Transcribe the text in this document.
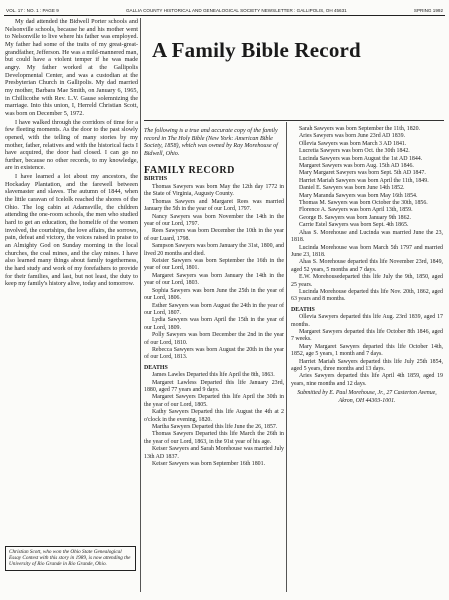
VOL. 17 : NO. 1 : PAGE 9	GALLIA COUNTY HISTORICAL AND GENEALOGICAL SOCIETY NEWSLETTER : GALLIPOLIS, OH 45631	SPRING 1992

My dad attended the Bidwell Porter schools and Nelsonville schools, because he and his mother went to Nelsonville to live where his father was employed. My father had some of the traits of my great-great-grandfather, Jefferson. He was a mild-mannered man, but could have a violent temper if he was made angry. My father worked at the Gallipolis Developmental Center, and was a custodian at the Presbyterian Church in Gallipolis. My dad married my mother, Barbara Mae Smith, on January 6, 1965, in Chillicothe with Rev. L.V. Gause solemnizing the marriage. Into this union, I, Herreld Christian Scott, was born on December 5, 1972.

I have walked through the corridors of time for a few fleeting moments. As the door to the past slowly opened, with the telling of many stories by my mother, father, relatives and with the historical facts I have acquired, the door had closed. I can go no further, because no other records, to my knowledge, are in existence.

I have learned a lot about my ancestors, the Hockaday Plantation, and the farewell between slavemaster and slaves. The autumn of 1844, when the little caravan of Icelolk reached the shores of the Ohio. The log cabin at Adamsville, the children attending the one-room schools, the men who studied hard to get an education, the homelife of the women involved, the courtships, the love affairs, the sorrows, pain, defeat and victory, the voices raised in praise to an Almighty God on Sunday morning in the local churches, the coal mines, and the clay mines. I have also learned many things about family togetherness, the hard study and work of my forefathers to provide for their families, and last, but not least, the duty to keep my family's history alive, today and tomorrow.

Christian Scott, who won the Ohio State Genealogical Essay Contest with this story in 1989, is now attending the University of Rio Grande in Rio Grande, Ohio.
A Family Bible Record
The following is a true and accurate copy of the family record in The Holy Bible (New York: American Bible Society, 1858), which was owned by Ray Morehouse of Bidwell, Ohio.
FAMILY RECORD
BIRTHS

Thomas Sawyers was born May the 12th day 1772 in the State of Virginia, Augusty County.

Thomas Sawyers and Margaret Rees was married January the 5th in the year of our Lord, 1797.

Nancy Sawyers was born November the 14th in the year of our Lord, 1797.

Rees Sawyers was born December the 10th in the year of our Luard, 1798.

Sampson Sawyers was born January the 31st, 1800, and lived 20 months and died.

Keisier Sawyers was born September the 16th in the year of our Lord, 1801.

Margaret Sawyers was born January the 14th in the year of our Lord, 1803.

Sophia Sawyers was born June the 25th in the year of our Lord, 1806.

Esther Sawyers was born August the 24th in the year of our Lord, 1807.

Lydia Sawyers was born April the 15th in the year of our Lord, 1809.

Polly Sawyers was born December the 2nd in the year of our Lord, 1810.

Rebecca Sawyers was born August the 20th in the year of our Lord, 1813.

DEATHS

James Lawles Departed this life April the 8th, 1863.

Margaret Lawless Departed this life January 23rd, 1880, aged 77 years and 9 days.

Margaret Sawyers Departed this life April the 30th in the year of our Lord, 1805.

Kathy Sawyers Departed this life August the 4th at 2 o'clock in the evening, 1820.

Martha Sawyers Departed this life June the 26, 1857.

Thomas Sawyers Departed this life March the 26th in the year of our Lord, 1863, in the 91st year of his age.

Keiser Sawyers and Sarah Morehouse was married July 13th AD 1837.

Keiser Sawyers was born September 16th 1801.

Sarah Sawyers was born September the 11th, 1820.

Aries Sawyers was born June 23rd AD 1839.

Ollevia Sawyers was born March 3 AD 1841.

Lucretia Sawyers was born Oct. the 30th 1842.

Lucinda Sawyers was born August the 1st AD 1844.

Margaret Sawyers was born Aug. 15th AD 1846.

Mary Margaret Sawyers was born Sept. 5th AD 1847.

Harriet Mariah Sawyers was born April the 11th, 1849.

Daniel E. Sawyers was born June 14th 1852.

Mary Maranda Sawyers was born May 16th 1854.

Thomas M. Sawyers was born October the 30th, 1856.

Florence A. Sawyers was born April 13th, 1859.

George B. Sawyers was born January 9th 1862.

Carrie Estel Sawyers was born Sept. 4th 1865.

Ahas S. Morehouse and Lucinda was married June the 23, 1818.

Lucinda Morehouse was born March 5th 1797 and married June 23, 1818.

Ahas S. Morehouse departed this life November 23rd, 1849, aged 52 years, 5 months and 7 days.

E.W. Morehousedeparted this life July the 9th, 1850, aged 25 years.

Lucinda Morehouse departed this life Nov. 20th, 1862, aged 63 years and 8 months.

DEATHS

Ollevia Sawyers departed this life Aug. 23rd 1839, aged 17 months.

Margaret Sawyers departed this life October 8th 1846, aged 7 weeks.

Mary Margaret Sawyers departed this life October 14th, 1852, age 5 years, 1 month and 7 days.

Harriet Mariah Sawyers departed this life July 25th 1854, aged 5 years, three months and 13 days.

Aries Sawyers departed this life April 4th 1859, aged 19 years, nine months and 12 days.

Submitted by E. Paul Morehouse, Jr., 27 Casterton Avenue, Akron, OH 44303-1001.
